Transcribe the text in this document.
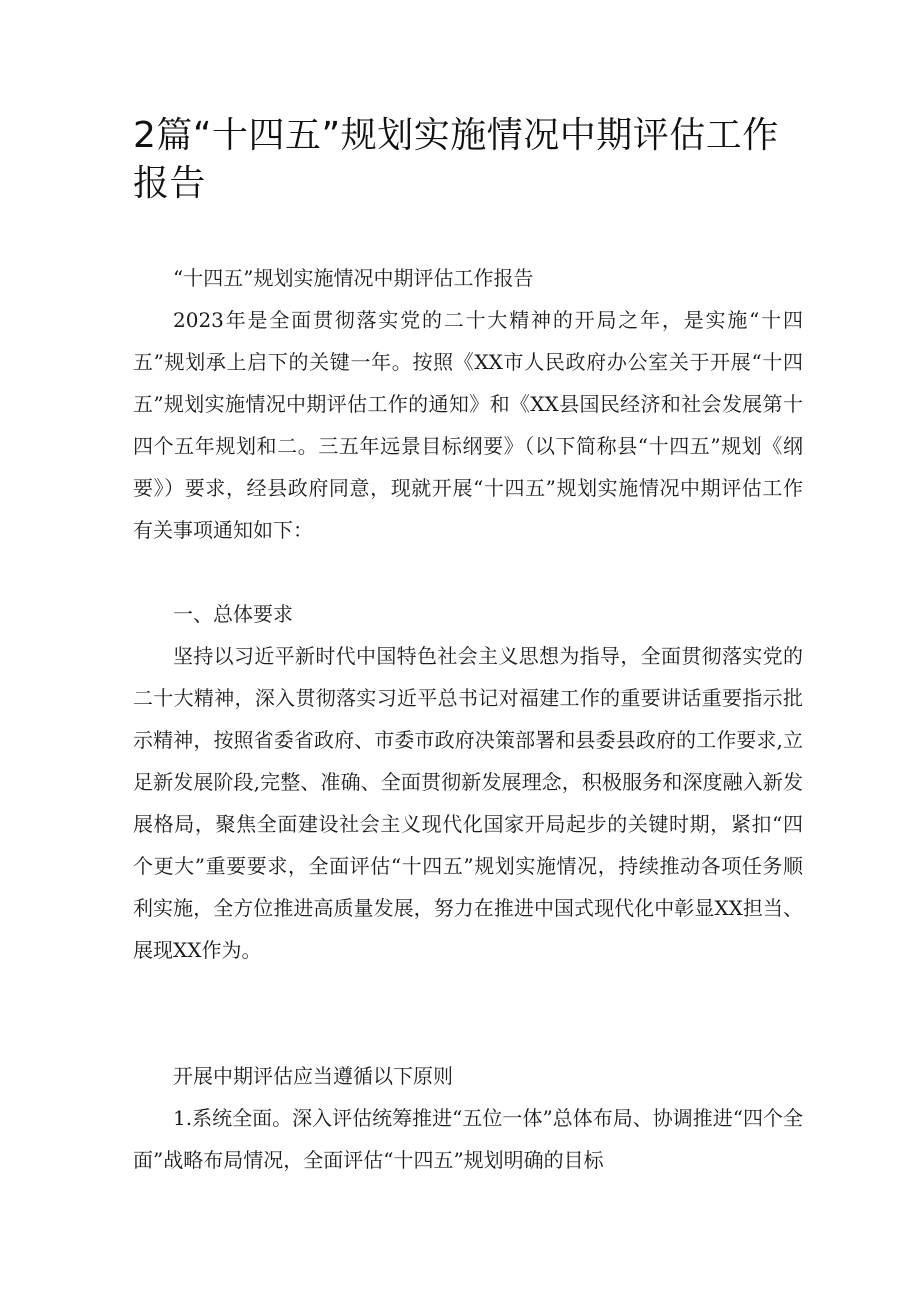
2篇“十四五”规划实施情况中期评估工作报告

“十四五”规划实施情况中期评估工作报告

2023年是全面贯彻落实党的二十大精神的开局之年，是实施“十四五”规划承上启下的关键一年。按照《XX市人民政府办公室关于开展“十四五”规划实施情况中期评估工作的通知》和《XX县国民经济和社会发展第十四个五年规划和二。三五年远景目标纲要》（以下简称县“十四五”规划《纲要》）要求，经县政府同意，现就开展“十四五”规划实施情况中期评估工作有关事项通知如下：

一、总体要求

坚持以习近平新时代中国特色社会主义思想为指导，全面贯彻落实党的二十大精神，深入贯彻落实习近平总书记对福建工作的重要讲话重要指示批示精神，按照省委省政府、市委市政府决策部署和县委县政府的工作要求,立足新发展阶段,完整、准确、全面贯彻新发展理念，积极服务和深度融入新发展格局，聚焦全面建设社会主义现代化国家开局起步的关键时期，紧扣“四个更大”重要要求，全面评估“十四五”规划实施情况，持续推动各项任务顺利实施，全方位推进高质量发展，努力在推进中国式现代化中彰显XX担当、展现XX作为。

开展中期评估应当遵循以下原则

1.系统全面。深入评估统筹推进“五位一体”总体布局、协调推进“四个全面”战略布局情况，全面评估“十四五”规划明确的目标
